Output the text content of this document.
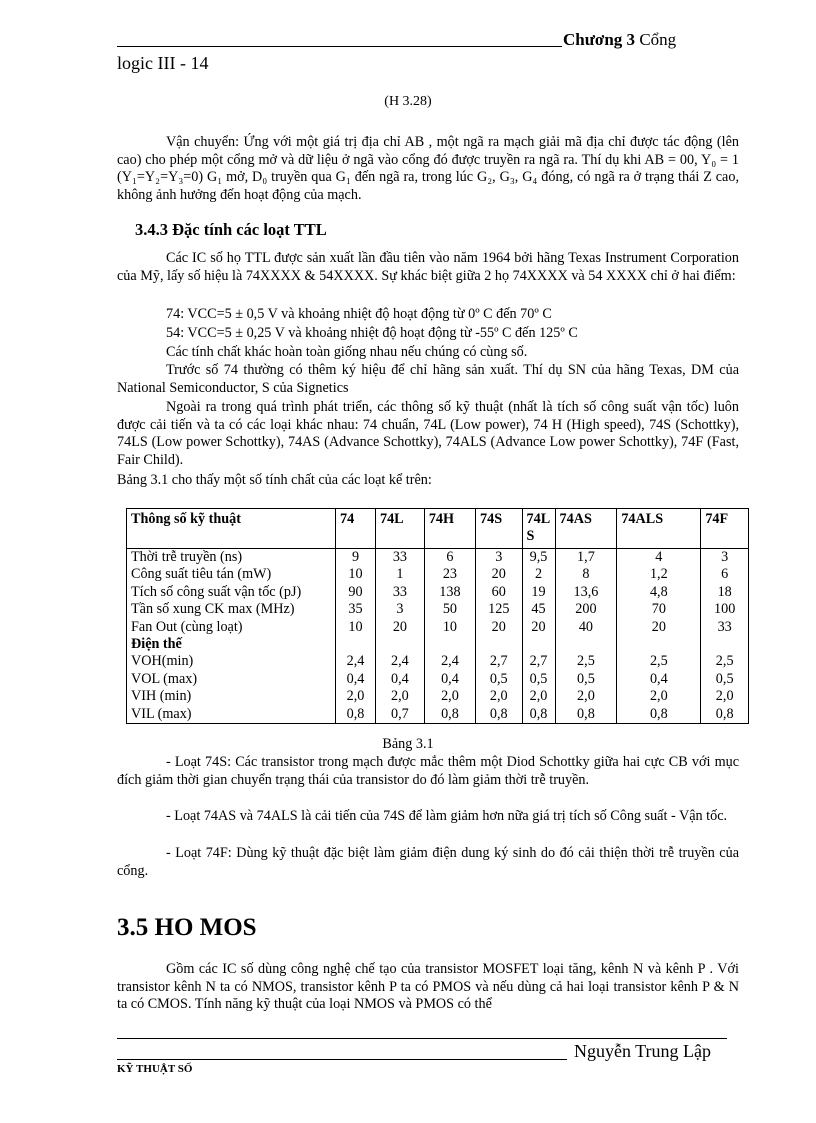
Chương 3 Cổng
logic III - 14
(H 3.28)
Vận chuyển: Ứng với một giá trị địa chỉ AB , một ngã ra mạch giải mã địa chỉ được tác động (lên cao) cho phép một cổng mở và dữ liệu ở ngã vào cổng đó được truyền ra ngã ra. Thí dụ khi AB = 00, Y₀ = 1 (Y₁=Y₂=Y₃=0) G₁ mở, D₀ truyền qua G₁ đến ngã ra, trong lúc G₂, G₃, G₄ đóng, có ngã ra ở trạng thái Z cao, không ảnh hưởng đến hoạt động của mạch.
3.4.3 Đặc tính các loạt TTL
Các IC số họ TTL được sản xuất lần đầu tiên vào năm 1964 bởi hãng Texas Instrument Corporation của Mỹ, lấy số hiệu là 74XXXX & 54XXXX. Sự khác biệt giữa 2 họ 74XXXX và 54 XXXX chỉ ở hai điểm:
74: VCC=5 ± 0,5 V và khoảng nhiệt độ hoạt động từ 0º C đến 70º C
54: VCC=5 ± 0,25 V và khoảng nhiệt độ hoạt động từ -55º C đến 125º C
Các tính chất khác hoàn toàn giống nhau nếu chúng có cùng số.
Trước số 74 thường có thêm ký hiệu để chỉ hãng sản xuất. Thí dụ SN của hãng Texas, DM của National Semiconductor, S của Signetics
Ngoài ra trong quá trình phát triển, các thông số kỹ thuật (nhất là tích số công suất vận tốc) luôn được cải tiến và ta có các loại khác nhau: 74 chuẩn, 74L (Low power), 74 H (High speed), 74S (Schottky), 74LS (Low power Schottky), 74AS (Advance Schottky), 74ALS (Advance Low power Schottky), 74F (Fast, Fair Child).
Bảng 3.1 cho thấy một số tính chất của các loạt kể trên:
Thông số kỹ thuật	74	74L	74H	74S	74L S	74AS	74ALS	74F
Thời trễ truyền (ns)	9	33	6	3	9,5	1,7	4	3
Công suất tiêu tán (mW)	10	1	23	20	2	8	1,2	6
Tích số công suất vận tốc (pJ)	90	33	138	60	19	13,6	4,8	18
Tần số xung CK max (MHz)	35	3	50	125	45	200	70	100
Fan Out (cùng loạt)	10	20	10	20	20	40	20	33
Điện thế								
VOH(min)	2,4	2,4	2,4	2,7	2,7	2,5	2,5	2,5
VOL (max)	0,4	0,4	0,4	0,5	0,5	0,5	0,4	0,5
VIH (min)	2,0	2,0	2,0	2,0	2,0	2,0	2,0	2,0
VIL (max)	0,8	0,7	0,8	0,8	0,8	0,8	0,8	0,8
Bảng 3.1
- Loạt 74S: Các transistor trong mạch được mắc thêm một Diod Schottky giữa hai cực CB với mục đích giảm thời gian chuyển trạng thái của transistor do đó làm giảm thời trễ truyền.
- Loạt 74AS và 74ALS là cải tiến của 74S để làm giảm hơn nữa giá trị tích số Công suất - Vận tốc.
- Loạt 74F: Dùng kỹ thuật đặc biệt làm giảm điện dung ký sinh do đó cải thiện thời trễ truyền của cổng.
3.5 HO MOS
Gồm các IC số dùng công nghệ chế tạo của transistor MOSFET loại tăng, kênh N và kênh P . Với transistor kênh N ta có NMOS, transistor kênh P ta có PMOS và nếu dùng cả hai loại transistor kênh P & N ta có CMOS. Tính năng kỹ thuật của loại NMOS và PMOS có thể
Nguyễn Trung Lập
KỸ THUẬT SỐ
